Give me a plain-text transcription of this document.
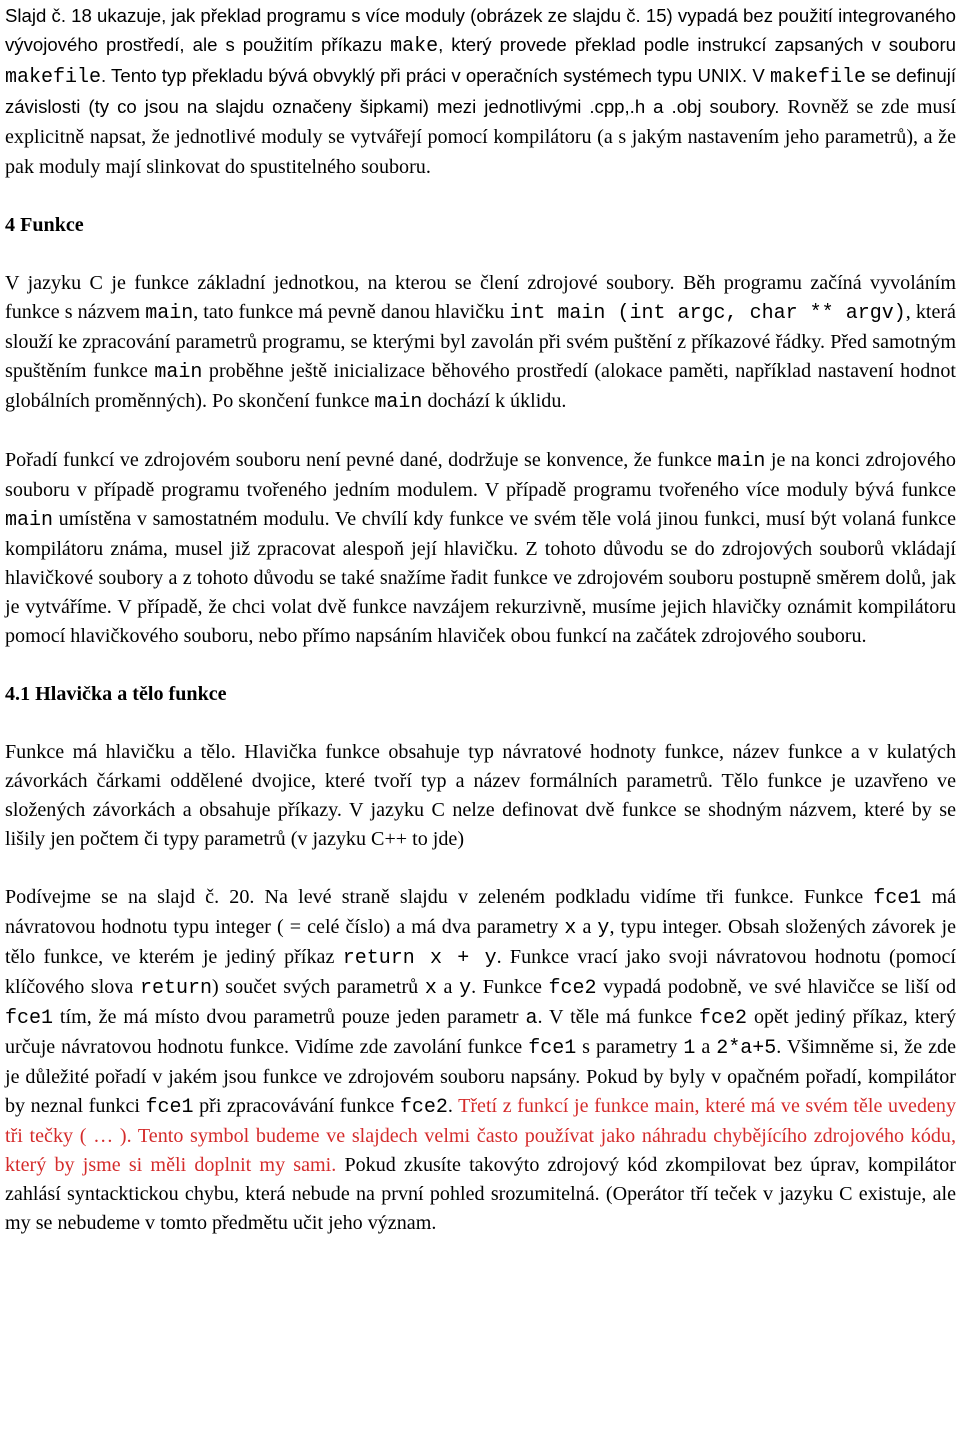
Slajd č. 18 ukazuje, jak překlad programu s více moduly (obrázek ze slajdu č. 15) vypadá bez použití integrovaného vývojového prostředí, ale s použitím příkazu make, který provede překlad podle instrukcí zapsaných v souboru makefile. Tento typ překladu bývá obvyklý při práci v operačních systémech typu UNIX. V makefile se definují závislosti (ty co jsou na slajdu označeny šipkami) mezi jednotlivými .cpp,.h a .obj soubory. Rovněž se zde musí explicitně napsat, že jednotlivé moduly se vytvářejí pomocí kompilátoru (a s jakým nastavením jeho parametrů), a že pak moduly mají slinkovat do spustitelného souboru.

4 Funkce

V jazyku C je funkce základní jednotkou, na kterou se člení zdrojové soubory. Běh programu začíná vyvoláním funkce s názvem main, tato funkce má pevně danou hlavičku int main (int argc, char ** argv), která slouží ke zpracování parametrů programu, se kterými byl zavolán při svém puštění z příkazové řádky. Před samotným spuštěním funkce main proběhne ještě inicializace běhového prostředí (alokace paměti, například nastavení hodnot globálních proměnných). Po skončení funkce main dochází k úklidu.

Pořadí funkcí ve zdrojovém souboru není pevné dané, dodržuje se konvence, že funkce main je na konci zdrojového souboru v případě programu tvořeného jedním modulem. V případě programu tvořeného více moduly bývá funkce main umístěna v samostatném modulu. Ve chvílí kdy funkce ve svém těle volá jinou funkci, musí být volaná funkce kompilátoru známa, musel již zpracovat alespoň její hlavičku. Z tohoto důvodu se do zdrojových souborů vkládají hlavičkové soubory a z tohoto důvodu se také snažíme řadit funkce ve zdrojovém souboru postupně směrem dolů, jak je vytváříme. V případě, že chci volat dvě funkce navzájem rekurzivně, musíme jejich hlavičky oznámit kompilátoru pomocí hlavičkového souboru, nebo přímo napsáním hlaviček obou funkcí na začátek zdrojového souboru.

4.1 Hlavička a tělo funkce

Funkce má hlavičku a tělo. Hlavička funkce obsahuje typ návratové hodnoty funkce, název funkce a v kulatých závorkách čárkami oddělené dvojice, které tvoří typ a název formálních parametrů. Tělo funkce je uzavřeno ve složených závorkách a obsahuje příkazy. V jazyku C nelze definovat dvě funkce se shodným názvem, které by se lišily jen počtem či typy parametrů (v jazyku C++ to jde)

Podívejme se na slajd č. 20. Na levé straně slajdu v zeleném podkladu vidíme tři funkce. Funkce fce1 má návratovou hodnotu typu integer ( = celé číslo) a má dva parametry x a y, typu integer. Obsah složených závorek je tělo funkce, ve kterém je jediný příkaz return x + y. Funkce vrací jako svoji návratovou hodnotu (pomocí klíčového slova return) součet svých parametrů x a y. Funkce fce2 vypadá podobně, ve své hlavičce se liší od fce1 tím, že má místo dvou parametrů pouze jeden parametr a. V těle má funkce fce2 opět jediný příkaz, který určuje návratovou hodnotu funkce. Vidíme zde zavolání funkce fce1 s parametry 1 a 2*a+5. Všimněme si, že zde je důležité pořadí v jakém jsou funkce ve zdrojovém souboru napsány. Pokud by byly v opačném pořadí, kompilátor by neznal funkci fce1 při zpracovávání funkce fce2. Třetí z funkcí je funkce main, které má ve svém těle uvedeny tři tečky ( … ). Tento symbol budeme ve slajdech velmi často používat jako náhradu chybějícího zdrojového kódu, který by jsme si měli doplnit my sami. Pokud zkusíte takovýto zdrojový kód zkompilovat bez úprav, kompilátor zahlásí syntacktickou chybu, která nebude na první pohled srozumitelná. (Operátor tří teček v jazyku C existuje, ale my se nebudeme v tomto předmětu učit jeho význam.
